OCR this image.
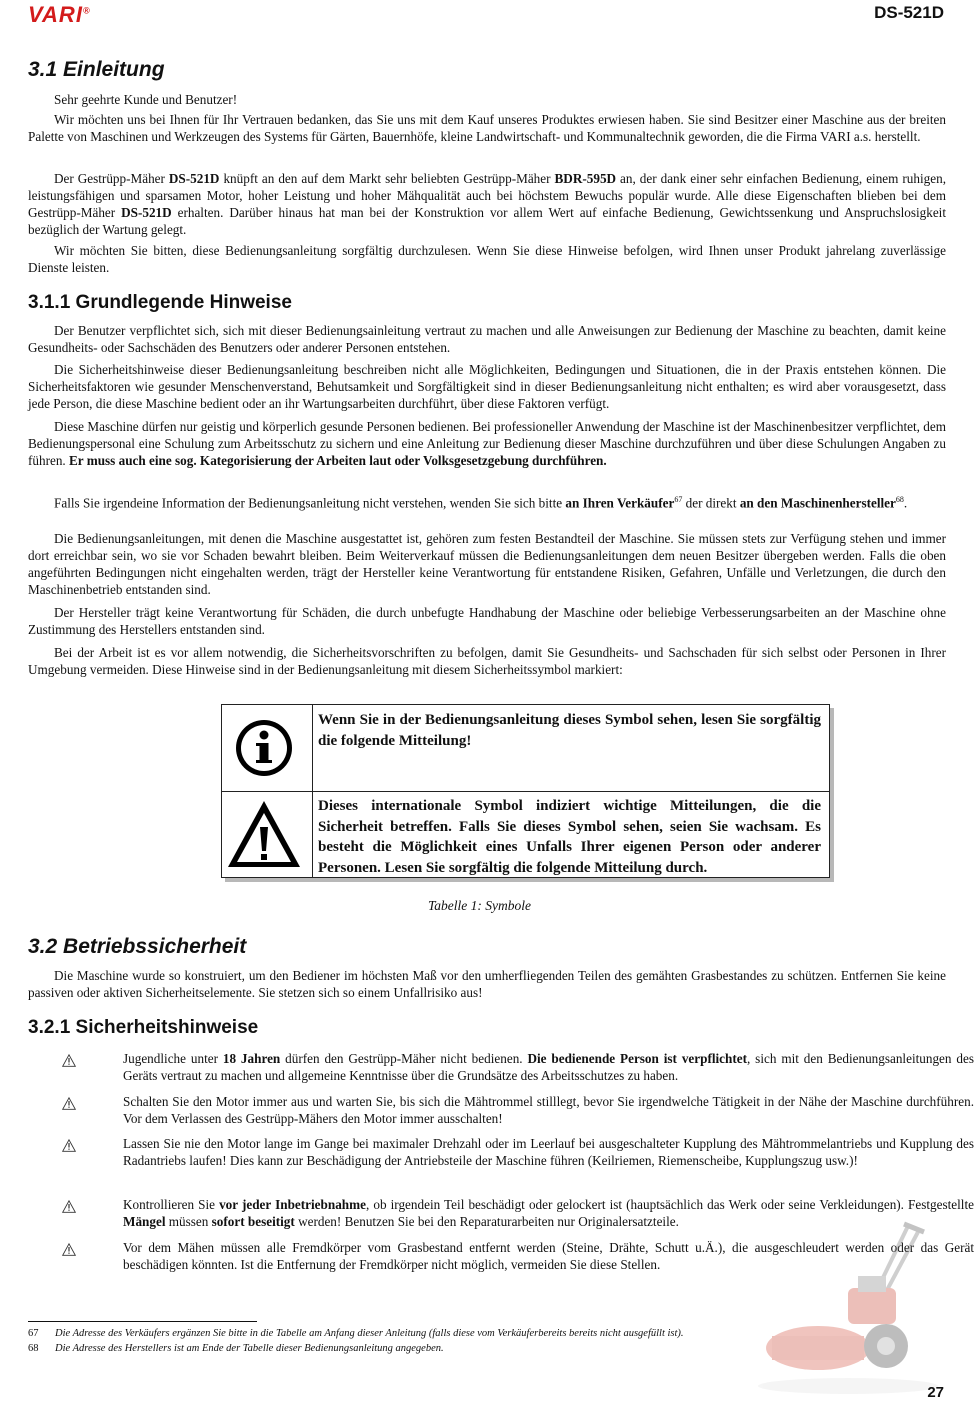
VARI®	DS-521D
3.1 Einleitung

Sehr geehrte Kunde und Benutzer!

Wir möchten uns bei Ihnen für Ihr Vertrauen bedanken, das Sie uns mit dem Kauf unseres Produktes erwiesen haben. Sie sind Besitzer einer Maschine aus der breiten Palette von Maschinen und Werkzeugen des Systems für Gärten, Bauernhöfe, kleine Landwirtschaft- und Kommunaltechnik geworden, die die Firma VARI a.s. herstellt.

Der Gestrüpp-Mäher DS-521D knüpft an den auf dem Markt sehr beliebten Gestrüpp-Mäher BDR-595D an, der dank einer sehr einfachen Bedienung, einem ruhigen, leistungsfähigen und sparsamen Motor, hoher Leistung und hoher Mähqualität auch bei höchstem Bewuchs populär wurde. Alle diese Eigenschaften blieben bei dem Gestrüpp-Mäher DS-521D erhalten. Darüber hinaus hat man bei der Konstruktion vor allem Wert auf einfache Bedienung, Gewichtssenkung und Anspruchslosigkeit bezüglich der Wartung gelegt.

Wir möchten Sie bitten, diese Bedienungsanleitung sorgfältig durchzulesen. Wenn Sie diese Hinweise befolgen, wird Ihnen unser Produkt jahrelang zuverlässige Dienste leisten.

3.1.1 Grundlegende Hinweise

Der Benutzer verpflichtet sich, sich mit dieser Bedienungsainleitung vertraut zu machen und alle Anweisungen zur Bedienung der Maschine zu beachten, damit keine Gesundheits- oder Sachschäden des Benutzers oder anderer Personen entstehen.

Die Sicherheitshinweise dieser Bedienungsanleitung beschreiben nicht alle Möglichkeiten, Bedingungen und Situationen, die in der Praxis entstehen können. Die Sicherheitsfaktoren wie gesunder Menschenverstand, Behutsamkeit und Sorgfältigkeit sind in dieser Bedienungsanleitung nicht enthalten; es wird aber vorausgesetzt, dass jede Person, die diese Maschine bedient oder an ihr Wartungsarbeiten durchführt, über diese Faktoren verfügt.

Diese Maschine dürfen nur geistig und körperlich gesunde Personen bedienen. Bei professioneller Anwendung der Maschine ist der Maschinenbesitzer verpflichtet, dem Bedienungspersonal eine Schulung zum Arbeitsschutz zu sichern und eine Anleitung zur Bedienung dieser Maschine durchzuführen und über diese Schulungen Angaben zu führen. Er muss auch eine sog. Kategorisierung der Arbeiten laut oder Volksgesetzgebung durchführen.

Falls Sie irgendeine Information der Bedienungsanleitung nicht verstehen, wenden Sie sich bitte an Ihren Verkäufer$^{67}$ der direkt an den Maschinenhersteller$^{68}$.

Die Bedienungsanleitungen, mit denen die Maschine ausgestattet ist, gehören zum festen Bestandteil der Maschine. Sie müssen stets zur Verfügung stehen und immer dort erreichbar sein, wo sie vor Schaden bewahrt bleiben. Beim Weiterverkauf müssen die Bedienungsanleitungen dem neuen Besitzer übergeben werden. Falls die oben angeführten Bedingungen nicht eingehalten werden, trägt der Hersteller keine Verantwortung für entstandene Risiken, Gefahren, Unfälle und Verletzungen, die durch den Maschinenbetrieb entstanden sind.

Der Hersteller trägt keine Verantwortung für Schäden, die durch unbefugte Handhabung der Maschine oder beliebige Verbesserungsarbeiten an der Maschine ohne Zustimmung des Herstellers entstanden sind.

Bei der Arbeit ist es vor allem notwendig, die Sicherheitsvorschriften zu befolgen, damit Sie Gesundheits- und Sachschaden für sich selbst oder Personen in Ihrer Umgebung vermeiden. Diese Hinweise sind in der Bedienungsanleitung mit diesem Sicherheitssymbol markiert:

Wenn Sie in der Bedienungsanleitung dieses Symbol sehen, lesen Sie sorgfältig die folgende Mitteilung!
Dieses internationale Symbol indiziert wichtige Mitteilungen, die die Sicherheit betreffen. Falls Sie dieses Symbol sehen, seien Sie wachsam. Es besteht die Möglichkeit eines Unfalls Ihrer eigenen Person oder anderer Personen. Lesen Sie sorgfältig die folgende Mitteilung durch.
Tabelle 1: Symbole
3.2 Betriebssicherheit

Die Maschine wurde so konstruiert, um den Bediener im höchsten Maß vor den umherfliegenden Teilen des gemähten Grasbestandes zu schützen. Entfernen Sie keine passiven oder aktiven Sicherheitselemente. Sie stetzen sich so einem Unfallrisiko aus!

3.2.1 Sicherheitshinweise
Jugendliche unter 18 Jahren dürfen den Gestrüpp-Mäher nicht bedienen. Die bedienende Person ist verpflichtet, sich mit den Bedienungsanleitungen des Geräts vertraut zu machen und allgemeine Kenntnisse über die Grundsätze des Arbeitsschutzes zu haben.
Schalten Sie den Motor immer aus und warten Sie, bis sich die Mähtrommel stilllegt, bevor Sie irgendwelche Tätigkeit in der Nähe der Maschine durchführen. Vor dem Verlassen des Gestrüpp-Mähers den Motor immer ausschalten!
Lassen Sie nie den Motor lange im Gange bei maximaler Drehzahl oder im Leerlauf bei ausgeschalteter Kupplung des Mähtrommelantriebs und Kupplung des Radantriebs laufen! Dies kann zur Beschädigung der Antriebsteile der Maschine führen (Keilriemen, Riemenscheibe, Kupplungszug usw.)!
Kontrollieren Sie vor jeder Inbetriebnahme, ob irgendein Teil beschädigt oder gelockert ist (hauptsächlich das Werk oder seine Verkleidungen). Festgestellte Mängel müssen sofort beseitigt werden! Benutzen Sie bei den Reparaturarbeiten nur Originalersatzteile.
Vor dem Mähen müssen alle Fremdkörper vom Grasbestand entfernt werden (Steine, Drähte, Schutt u.Ä.), die ausgeschleudert werden oder das Gerät beschädigen könnten. Ist die Entfernung der Fremdkörper nicht möglich, vermeiden Sie diese Stellen.
67 Die Adresse des Verkäufers ergänzen Sie bitte in die Tabelle am Anfang dieser Anleitung (falls diese vom Verkäuferbereits bereits nicht ausgefüllt ist).
68 Die Adresse des Herstellers ist am Ende der Tabelle dieser Bedienungsanleitung angegeben.
27
